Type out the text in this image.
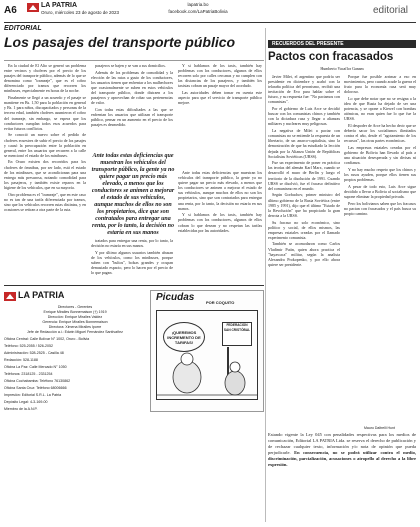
A6	LA PATRIA
Oruro, miércoles 23 de agosto de 2023
lapatria.bo
facebook.com/LaPatriaBolivia	editorial
EDITORIAL
Los pasajes del transporte público

En la ciudad de El Alto se generó un problema entre vecinos y choferes por el precio de los pasajes del transporte público, además de lo que se denomina como "trameaje", que es el cobro diferenciado por tramos que recorren los minibuses, especialmente en horas de la noche.

Finalmente se llegó a un acuerdo y el pasaje se mantiene en Bs. 1,50 para la población en general y Bs. 1 para niños, discapacitados y personas de la tercera edad, también choferes asumieron el cobro del trameaje, sin embargo, se espera que los conductores cumplan todos esos acuerdos para evitar futuros conflictos.

Se conoció un nuevo sobre el pedido de choferes ecuestres de subir el precio de los pasajes y causó la preocupación entre la población en general, entre los usuarios que recurren a la calle se mencionó el estado de los minibuses.

En Oruro existen dos recorridos para los choferes de ómnibus, por ser lado, está el estado de los minibuses, que se acondicionan para una entrega más presurosa, notando comodidad para los pasajeros, y también existe reparos en la higiene de los vehículos, que en su mayoría.

Otro problema es el "trameaje", que en este caso no es tan de una tarifa diferenciada por tramos, sino que los vehículos recorren rutas distintas, y en ocasiones se retiran a otra parte de la ruta.

pasajeros se bajen y se van a sus domicilios.

Además de los problemas de comodidad y la elección de las rutas a gusto de los conductores, los usuarios tienen que enfrentar a los malhechores que ocasionalmente se suben en estos vehículos del transporte público, donde distraen a los pasajeros y aprovechan de robar sus pertenencias de valor.

Con todas estas dificultades a las que se enfrentan los usuarios que utilizan el transporte público, pensar en un aumento en el precio de los pasajes es desmedido.

Ante todas estas deficiencias que muestran los vehículos del transporte público, la gente ya no quiere pagar un precio más elevado, a menos que los conductores se animen a mejorar el estado de sus vehículos, aunque muchos de ellos no son los propietarios, dice que son contratados para entregar una renta, por lo tanto, la decisión no estaría en sus manos

tratados para entregar una renta, por lo tanto, la decisión no estaría en sus manos.

Y por último algunos usuarios también abusan de los vehículos, como los minibuses, porque suben con "bultos", bolsas grandes y ocupan demasiado espacio, pero lo hacen por el precio de lo que pagan.

Y si hablamos de los taxis, también hay problemas con los conductores, algunos de ellos recorren solo por calles cercanas y no cumplen con las distancias de los pasajeros, y también los taxistas cobran un pasaje mayor del acordado.

Las autoridades deben tomar en cuenta este aspecto para que el servicio de transporte público mejore.

Ante todas estas deficiencias que muestran los vehículos del transporte público, la gente ya no quiere pagar un precio más elevado, a menos que los conductores se animen a mejorar el estado de sus vehículos, aunque muchos de ellos no son los propietarios, sino que son contratados para entregar una renta, por lo tanto, la decisión no estaría en sus manos.

Y si hablamos de los taxis, también hay problemas con los conductores, algunos de ellos cobran lo que desean y no respetan las tarifas establecidas por las autoridades.

RECUERDOS DEL PRESENTE
Pactos con fracasados
Humberto Vacaflor Ganam

Javier Milei, el argentino que podría ser presidente en diciembre y acabó con la telaraña política del peronismo, recibió una invitación de Evo para hablar sobre el futuro, y su respuesta fue: "No pactamos con comunistas".

Por el gobierno de Luis Arce se decidió buscar con los comunistas chinos y también con la dictadura rusa y llegar a alianzas militares y nucleares muy peligrosas.

La negativa de Milei a pactar con comunistas no se entiende la respuesta de un libertario, de un anarco-capitalista, sino la demostración de que ha estudiado la lección dejada por la Alianza Unión de Repúblicas Socialistas Soviéticas (URSS).

Fue un experimento de poner en práctica las teorías del alemán Karl Marx, cuando se desarrolló el muro de Berlín y luego el territorio de la disolución de 1991. Cuando URSS se disolvió, fue el fracaso definitivo del comunismo en el mundo.

Según Gorbachov, primer ministro del último gobierno de la Rusia Soviética (entre 1985 y 1991), dijo que el último "Estado de la Revolución" que ha propiciado la gran derrota a la URSS.

Su fracaso no solo económico, sino político y social, de ellos mismos, las empresas estatales creadas por el llamado experimento comunista.

También se acomodaron como Carlos Vladimir Putin, quien ahora practica el "hayawaca" militar, según la analista Alexandra Prokopenko, y por ello ahora quiere ser presidente.

Porque fue posible arrimar a eso en movimientos, pero cuando acude la guerra el fruto para la economía rusa será muy doloroso.

Lo que debe notar que no se resigna a la idea de que Rusia ha dejado de ser una potencia, y se opone a Kiewel con bombas atómicas, no eran quien fue lo que fue la URSS.

El despoder de Arce ha hecho decir que se debería sacar los socialismos ilimitados contra el año, desde el "agotamiento de los recursos", las otras partes económicas.

Las empresas estatales creadas por el gobierno de Bolivia han llevado al país a una situación desesperada y sin divisas ni confianza.

Y no hay mucho respeto que los chinos y los rusos ayuden, porque ellos tienen sus propios problemas.

A pesar de todo esto, Luis Arce sigue decidido a llevar a Bolivia al socialismo que supone eliminar la propiedad privada.

Pero los bolivianos saben que los fracasos no pactan con fracasados y el país busca su propio camino.

Mauro Daltrelli Hunt
Estando vigente la Ley 045 con penalidades respectivas para los medios de comunicación, Editorial LA PATRIA Ltda. se reserva el derecho de publicación y de rechazar cualquier texto, información y/o nota de opinión que pueda perjudicarle. En consecuencia, no se podrá utilizar contra el medio, discriminación, parcialización, acusaciones o atropello al derecho a la libre expresión.
LA PATRIA
Directores - Gerentes
Enrique Miralles Bonnemaison (†) 1919
Dirección: Enrique Miralles Valdez
Gerencia: Enrique Miralles Bonnemaison
Directora: Ximena Miralles Iporre
Jefe de Redacción a.i.: Edwin Miguel Fernández Santivañez
Oficina Central: Calle Bolívar N° 1002, Oruro - Bolivia
Teléfono: 525-2055 / 526-2052
Administración: 528-2525 - Casilla 48
Redacción: 528-1188
Oficina La Paz: Calle Mercado N° 1050
Teléfonos: 2318125 - 2331254
Oficina Cochabamba: Teléfono 76130862
Oficina Santa Cruz: Teléfono 68006666
Impresión: Editorial S.R.L. La Patria
Depósito Legal: 4-3-169-00
Miembro de la A.N.P.
Picudas	POR COQUITO
¡QUEREMOS INCREMENTO DE TARIFAS!
FEDERACIÓN SAN CRISTÓBAL
